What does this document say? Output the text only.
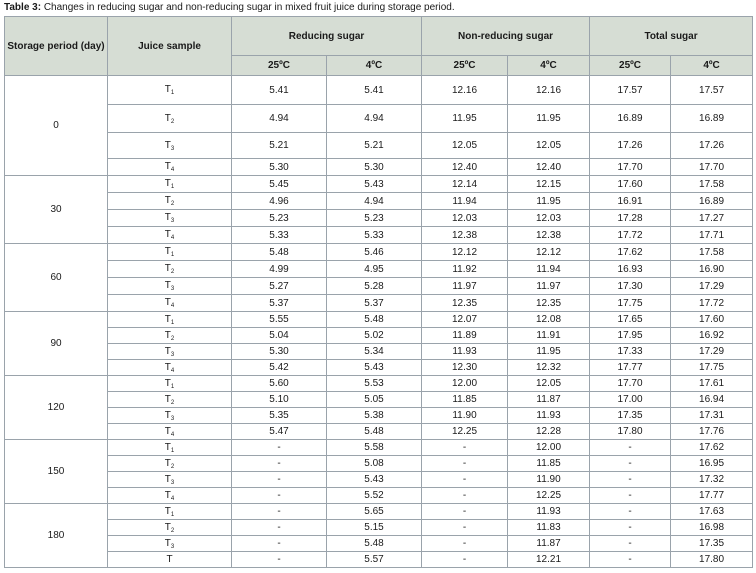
Table 3: Changes in reducing sugar and non-reducing sugar in mixed fruit juice during storage period.
Storage period (day)	Juice sample	Reducing sugar		Non-reducing sugar		Total sugar	
		25ºC	4ºC	25ºC	4ºC	25ºC	4ºC
0	$T_1$	5.41	5.41	12.16	12.16	17.57	17.57
	$T_2$	4.94	4.94	11.95	11.95	16.89	16.89
	$T_3$	5.21	5.21	12.05	12.05	17.26	17.26
	$T_4$	5.30	5.30	12.40	12.40	17.70	17.70
30	$T_1$	5.45	5.43	12.14	12.15	17.60	17.58
	$T_2$	4.96	4.94	11.94	11.95	16.91	16.89
	$T_3$	5.23	5.23	12.03	12.03	17.28	17.27
	$T_4$	5.33	5.33	12.38	12.38	17.72	17.71
60	$T_1$	5.48	5.46	12.12	12.12	17.62	17.58
	$T_2$	4.99	4.95	11.92	11.94	16.93	16.90
	$T_3$	5.27	5.28	11.97	11.97	17.30	17.29
	$T_4$	5.37	5.37	12.35	12.35	17.75	17.72
90	$T_1$	5.55	5.48	12.07	12.08	17.65	17.60
	$T_2$	5.04	5.02	11.89	11.91	17.95	16.92
	$T_3$	5.30	5.34	11.93	11.95	17.33	17.29
	$T_4$	5.42	5.43	12.30	12.32	17.77	17.75
120	$T_1$	5.60	5.53	12.00	12.05	17.70	17.61
	$T_2$	5.10	5.05	11.85	11.87	17.00	16.94
	$T_3$	5.35	5.38	11.90	11.93	17.35	17.31
	$T_4$	5.47	5.48	12.25	12.28	17.80	17.76
150	$T_1$	-	5.58	-	12.00	-	17.62
	$T_2$	-	5.08	-	11.85	-	16.95
	$T_3$	-	5.43	-	11.90	-	17.32
	$T_4$	-	5.52	-	12.25	-	17.77
180	$T_1$	-	5.65	-	11.93	-	17.63
	$T_2$	-	5.15	-	11.83	-	16.98
	$T_3$	-	5.48	-	11.87	-	17.35
	T	-	5.57	-	12.21	-	17.80
